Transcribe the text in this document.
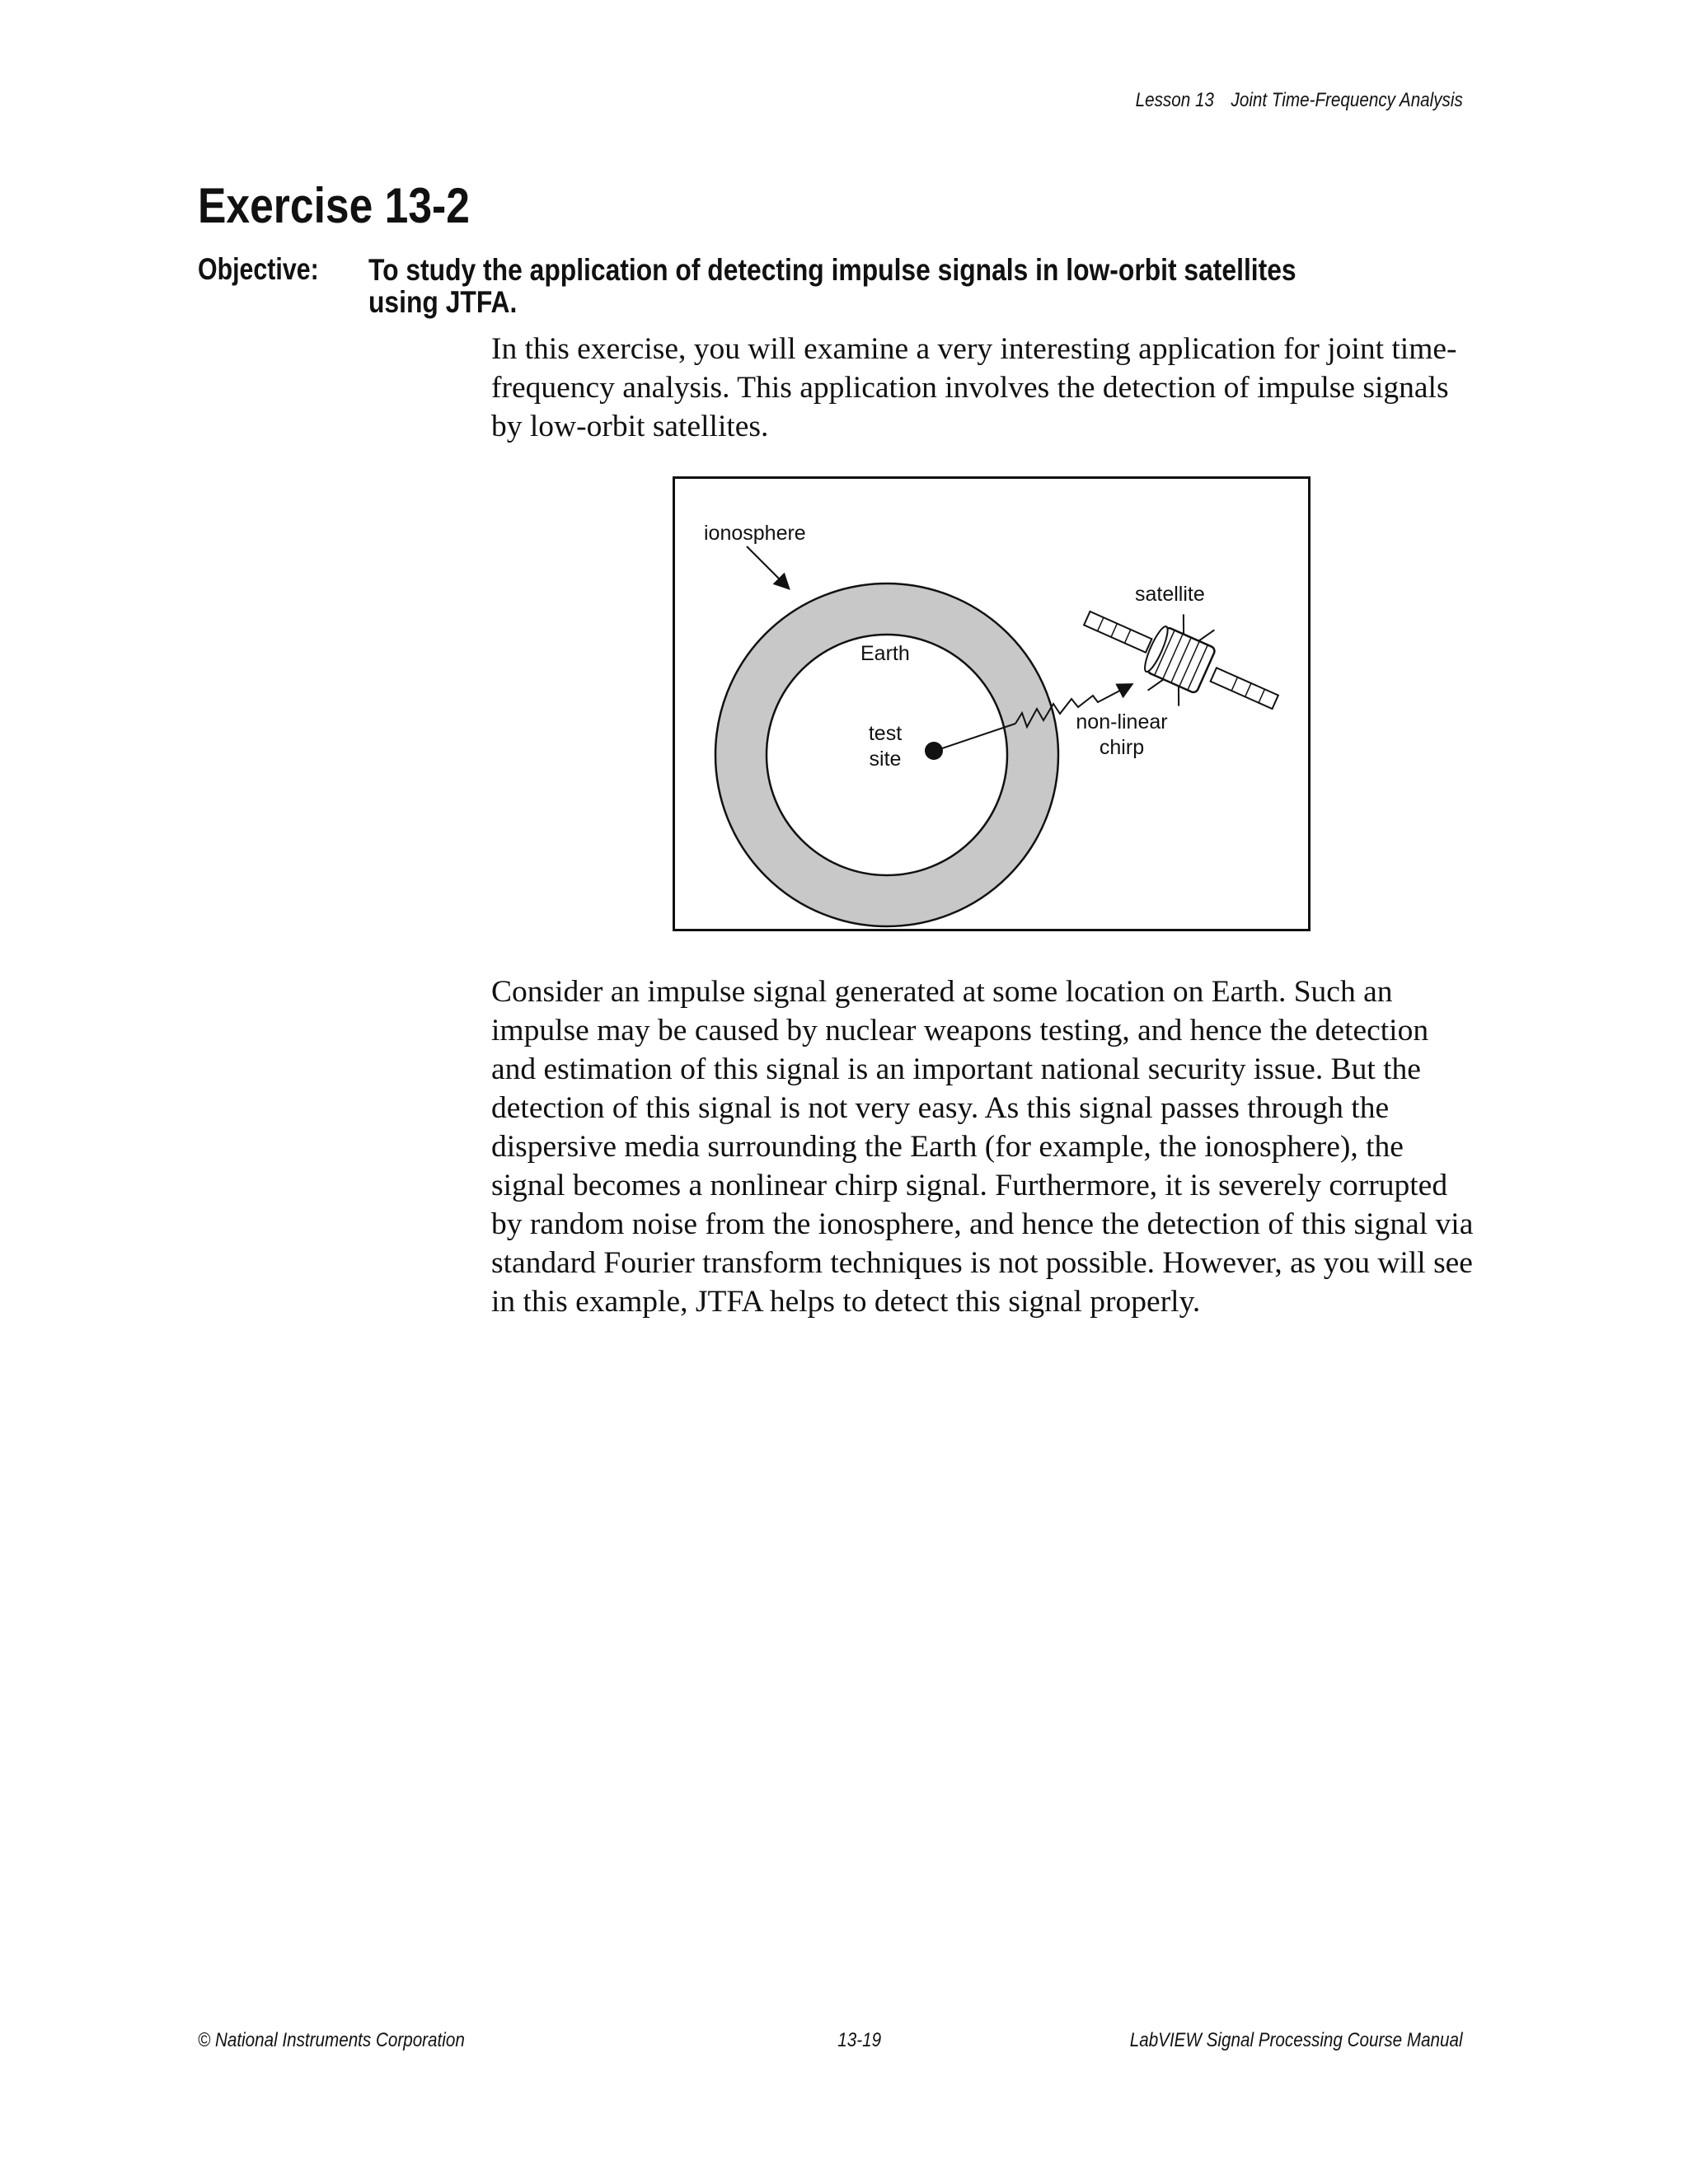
Lesson 13 Joint Time-Frequency Analysis
Exercise 13-2
Objective: To study the application of detecting impulse signals in low-orbit satellites using JTFA.

In this exercise, you will examine a very interesting application for joint time-frequency analysis. This application involves the detection of impulse signals by low-orbit satellites.

ionosphere
Earth
test
site
non-linear
chirp
satellite

Consider an impulse signal generated at some location on Earth. Such an impulse may be caused by nuclear weapons testing, and hence the detection and estimation of this signal is an important national security issue. But the detection of this signal is not very easy. As this signal passes through the dispersive media surrounding the Earth (for example, the ionosphere), the signal becomes a nonlinear chirp signal. Furthermore, it is severely corrupted by random noise from the ionosphere, and hence the detection of this signal via standard Fourier transform techniques is not possible. However, as you will see in this example, JTFA helps to detect this signal properly.

© National Instruments Corporation	13-19	LabVIEW Signal Processing Course Manual
